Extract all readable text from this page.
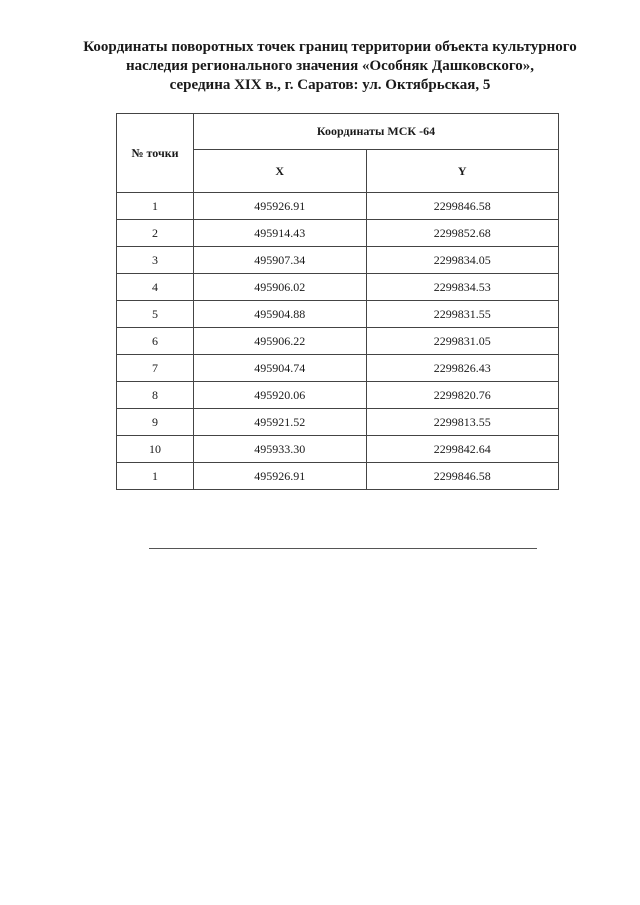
Координаты поворотных точек границ территории объекта культурного
наследия регионального значения «Особняк Дашковского»,
середина XIX в., г. Саратов: ул. Октябрьская, 5
№ точки	Координаты МСК -64	
	X	Y
1	495926.91	2299846.58
2	495914.43	2299852.68
3	495907.34	2299834.05
4	495906.02	2299834.53
5	495904.88	2299831.55
6	495906.22	2299831.05
7	495904.74	2299826.43
8	495920.06	2299820.76
9	495921.52	2299813.55
10	495933.30	2299842.64
1	495926.91	2299846.58
